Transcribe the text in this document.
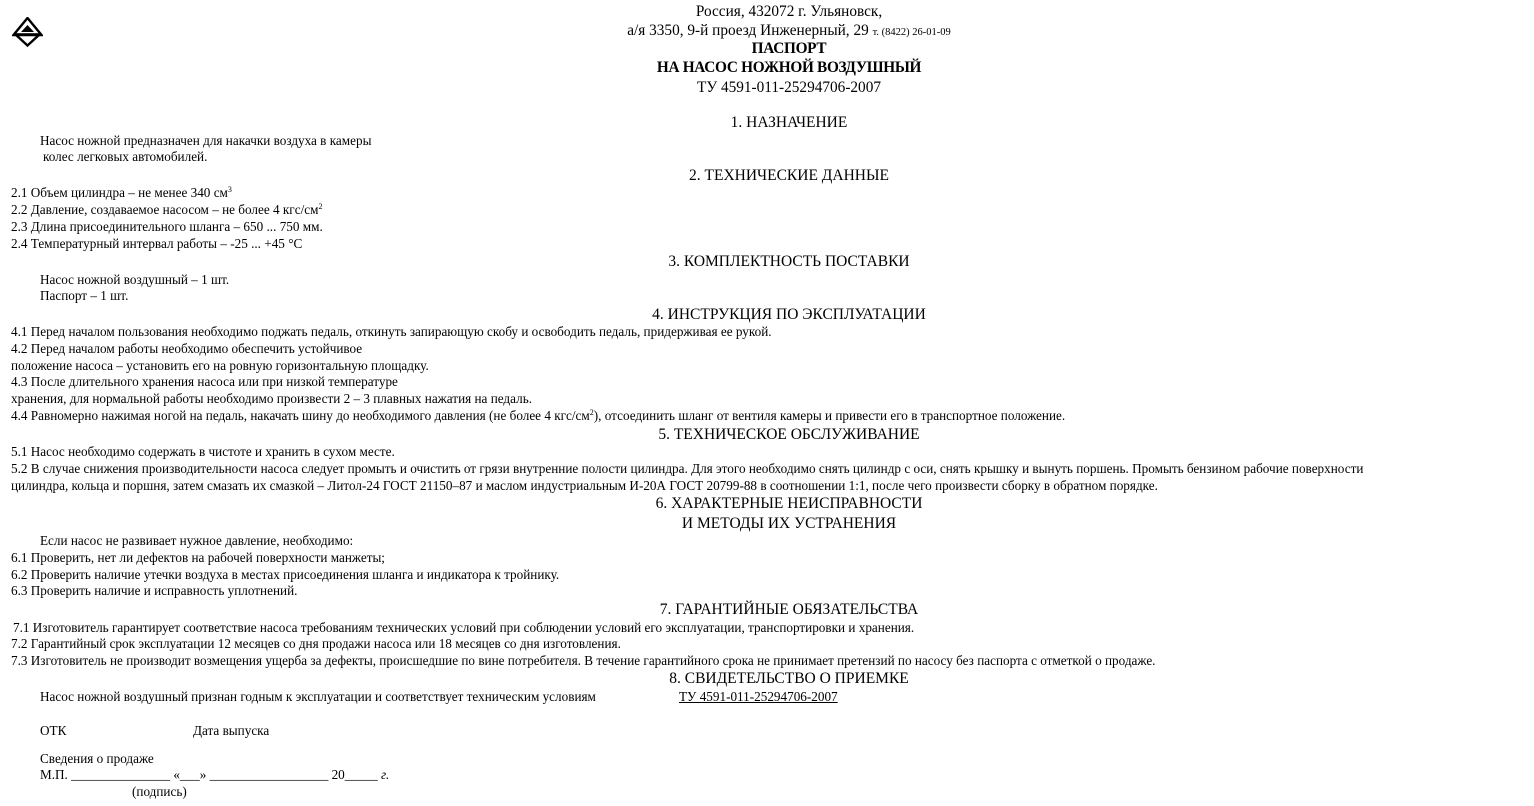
Россия, 432072 г. Ульяновск,
а/я 3350, 9-й проезд Инженерный, 29 т. (8422) 26-01-09
ПАСПОРТ
НА НАСОС НОЖНОЙ ВОЗДУШНЫЙ
ТУ 4591-011-25294706-2007
1. НАЗНАЧЕНИЕ
Насос ножной предназначен для накачки воздуха в камеры
колес легковых автомобилей.
2. ТЕХНИЧЕСКИЕ ДАННЫЕ
2.1 Объем цилиндра – не менее 340 $см^3$
2.2 Давление, создаваемое насосом – не более 4 кгс/$см^2$
2.3 Длина присоединительного шланга – 650 ... 750 мм.
2.4 Температурный интервал работы – -25 ... +45 °С
3. КОМПЛЕКТНОСТЬ ПОСТАВКИ
Насос ножной воздушный – 1 шт.
Паспорт – 1 шт.
4. ИНСТРУКЦИЯ ПО ЭКСПЛУАТАЦИИ
4.1 Перед началом пользования необходимо поджать педаль, откинуть запирающую скобу и освободить педаль, придерживая ее рукой.
4.2 Перед началом работы необходимо обеспечить устойчивое
положение насоса – установить его на ровную горизонтальную площадку.
4.3 После длительного хранения насоса или при низкой температуре
хранения, для нормальной работы необходимо произвести 2 – 3 плавных нажатия на педаль.
4.4 Равномерно нажимая ногой на педаль, накачать шину до необходимого давления (не более 4 кгс/$см^2$), отсоединить шланг от вентиля камеры и привести его в транспортное положение.
5. ТЕХНИЧЕСКОЕ ОБСЛУЖИВАНИЕ
5.1 Насос необходимо содержать в чистоте и хранить в сухом месте.
5.2 В случае снижения производительности насоса следует промыть и очистить от грязи внутренние полости цилиндра. Для этого необходимо снять цилиндр с оси, снять крышку и вынуть поршень. Промыть бензином рабочие поверхности
цилиндра, кольца и поршня, затем смазать их смазкой – Литол-24 ГОСТ 21150–87 и маслом индустриальным И-20А ГОСТ 20799-88 в соотношении 1:1, после чего произвести сборку в обратном порядке.
6. ХАРАКТЕРНЫЕ НЕИСПРАВНОСТИ
И МЕТОДЫ ИХ УСТРАНЕНИЯ
Если насос не развивает нужное давление, необходимо:
6.1 Проверить, нет ли дефектов на рабочей поверхности манжеты;
6.2 Проверить наличие утечки воздуха в местах присоединения шланга и индикатора к тройнику.
6.3 Проверить наличие и исправность уплотнений.
7. ГАРАНТИЙНЫЕ ОБЯЗАТЕЛЬСТВА
7.1 Изготовитель гарантирует соответствие насоса требованиям технических условий при соблюдении условий его эксплуатации, транспортировки и хранения.
7.2 Гарантийный срок эксплуатации 12 месяцев со дня продажи насоса или 18 месяцев со дня изготовления.
7.3 Изготовитель не производит возмещения ущерба за дефекты, происшедшие по вине потребителя. В течение гарантийного срока не принимает претензий по насосу без паспорта с отметкой о продаже.
8. СВИДЕТЕЛЬСТВО О ПРИЕМКЕ
Насос ножной воздушный признан годным к эксплуатации и соответствует техническим условиям	ТУ 4591-011-25294706-2007
ОТК	Дата выпуска
Сведения о продаже
М.П. _______________ «___» __________________ 20_____ г.
(подпись)
